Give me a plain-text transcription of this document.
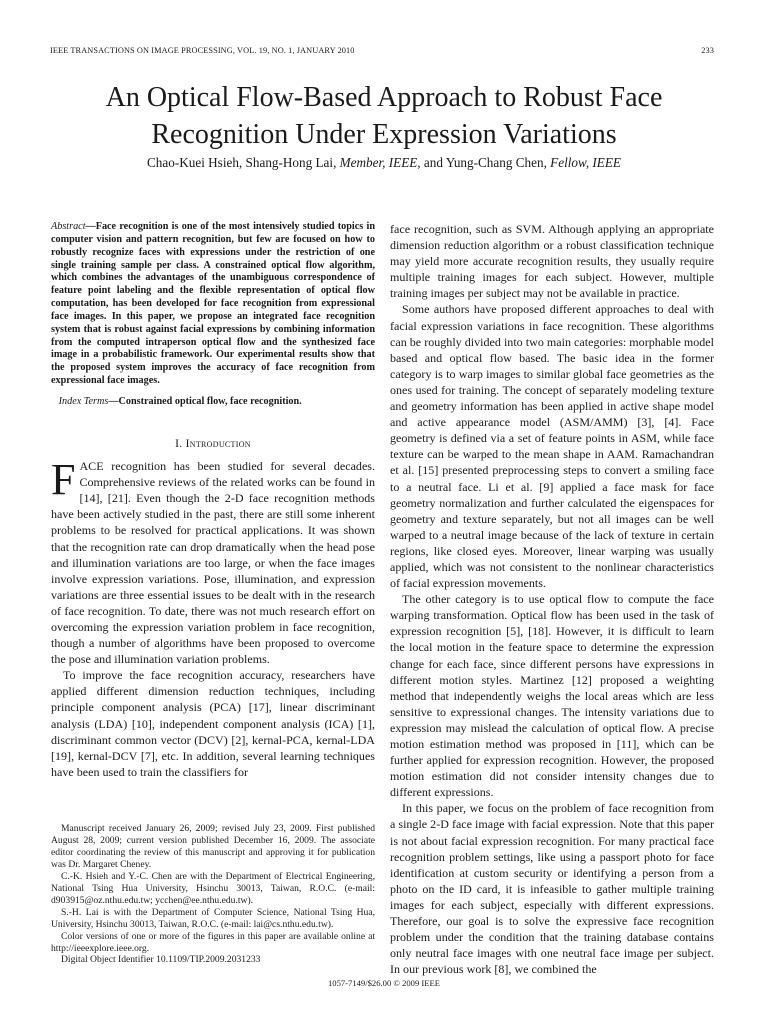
IEEE TRANSACTIONS ON IMAGE PROCESSING, VOL. 19, NO. 1, JANUARY 2010	233
An Optical Flow-Based Approach to Robust Face
Recognition Under Expression Variations
Chao-Kuei Hsieh, Shang-Hong Lai, Member, IEEE, and Yung-Chang Chen, Fellow, IEEE
Abstract—Face recognition is one of the most intensively studied topics in computer vision and pattern recognition, but few are focused on how to robustly recognize faces with expressions under the restriction of one single training sample per class. A constrained optical flow algorithm, which combines the advantages of the unambiguous correspondence of feature point labeling and the flexible representation of optical flow computation, has been developed for face recognition from expressional face images. In this paper, we propose an integrated face recognition system that is robust against facial expressions by combining information from the computed intraperson optical flow and the synthesized face image in a probabilistic framework. Our experimental results show that the proposed system improves the accuracy of face recognition from expressional face images.
Index Terms—Constrained optical flow, face recognition.
I. Introduction

FACE recognition has been studied for several decades. Comprehensive reviews of the related works can be found in [14], [21]. Even though the 2-D face recognition methods have been actively studied in the past, there are still some inherent problems to be resolved for practical applications. It was shown that the recognition rate can drop dramatically when the head pose and illumination variations are too large, or when the face images involve expression variations. Pose, illumination, and expression variations are three essential issues to be dealt with in the research of face recognition. To date, there was not much research effort on overcoming the expression variation problem in face recognition, though a number of algorithms have been proposed to overcome the pose and illumination variation problems.

To improve the face recognition accuracy, researchers have applied different dimension reduction techniques, including principle component analysis (PCA) [17], linear discriminant analysis (LDA) [10], independent component analysis (ICA) [1], discriminant common vector (DCV) [2], kernal-PCA, kernal-LDA [19], kernal-DCV [7], etc. In addition, several learning techniques have been used to train the classifiers for

Manuscript received January 26, 2009; revised July 23, 2009. First published August 28, 2009; current version published December 16, 2009. The associate editor coordinating the review of this manuscript and approving it for publication was Dr. Margaret Cheney.

C.-K. Hsieh and Y.-C. Chen are with the Department of Electrical Engineering, National Tsing Hua University, Hsinchu 30013, Taiwan, R.O.C. (e-mail: d903915@oz.nthu.edu.tw; ycchen@ee.nthu.edu.tw).

S.-H. Lai is with the Department of Computer Science, National Tsing Hua, University, Hsinchu 30013, Taiwan, R.O.C. (e-mail: lai@cs.nthu.edu.tw).

Color versions of one or more of the figures in this paper are available online at http://ieeexplore.ieee.org.

Digital Object Identifier 10.1109/TIP.2009.2031233

face recognition, such as SVM. Although applying an appropriate dimension reduction algorithm or a robust classification technique may yield more accurate recognition results, they usually require multiple training images for each subject. However, multiple training images per subject may not be available in practice.

Some authors have proposed different approaches to deal with facial expression variations in face recognition. These algorithms can be roughly divided into two main categories: morphable model based and optical flow based. The basic idea in the former category is to warp images to similar global face geometries as the ones used for training. The concept of separately modeling texture and geometry information has been applied in active shape model and active appearance model (ASM/AMM) [3], [4]. Face geometry is defined via a set of feature points in ASM, while face texture can be warped to the mean shape in AAM. Ramachandran et al. [15] presented preprocessing steps to convert a smiling face to a neutral face. Li et al. [9] applied a face mask for face geometry normalization and further calculated the eigenspaces for geometry and texture separately, but not all images can be well warped to a neutral image because of the lack of texture in certain regions, like closed eyes. Moreover, linear warping was usually applied, which was not consistent to the nonlinear characteristics of facial expression movements.

The other category is to use optical flow to compute the face warping transformation. Optical flow has been used in the task of expression recognition [5], [18]. However, it is difficult to learn the local motion in the feature space to determine the expression change for each face, since different persons have expressions in different motion styles. Martinez [12] proposed a weighting method that independently weighs the local areas which are less sensitive to expressional changes. The intensity variations due to expression may mislead the calculation of optical flow. A precise motion estimation method was proposed in [11], which can be further applied for expression recognition. However, the proposed motion estimation did not consider intensity changes due to different expressions.

In this paper, we focus on the problem of face recognition from a single 2-D face image with facial expression. Note that this paper is not about facial expression recognition. For many practical face recognition problem settings, like using a passport photo for face identification at custom security or identifying a person from a photo on the ID card, it is infeasible to gather multiple training images for each subject, especially with different expressions. Therefore, our goal is to solve the expressive face recognition problem under the condition that the training database contains only neutral face images with one neutral face image per subject. In our previous work [8], we combined the

1057-7149/$26.00 © 2009 IEEE
